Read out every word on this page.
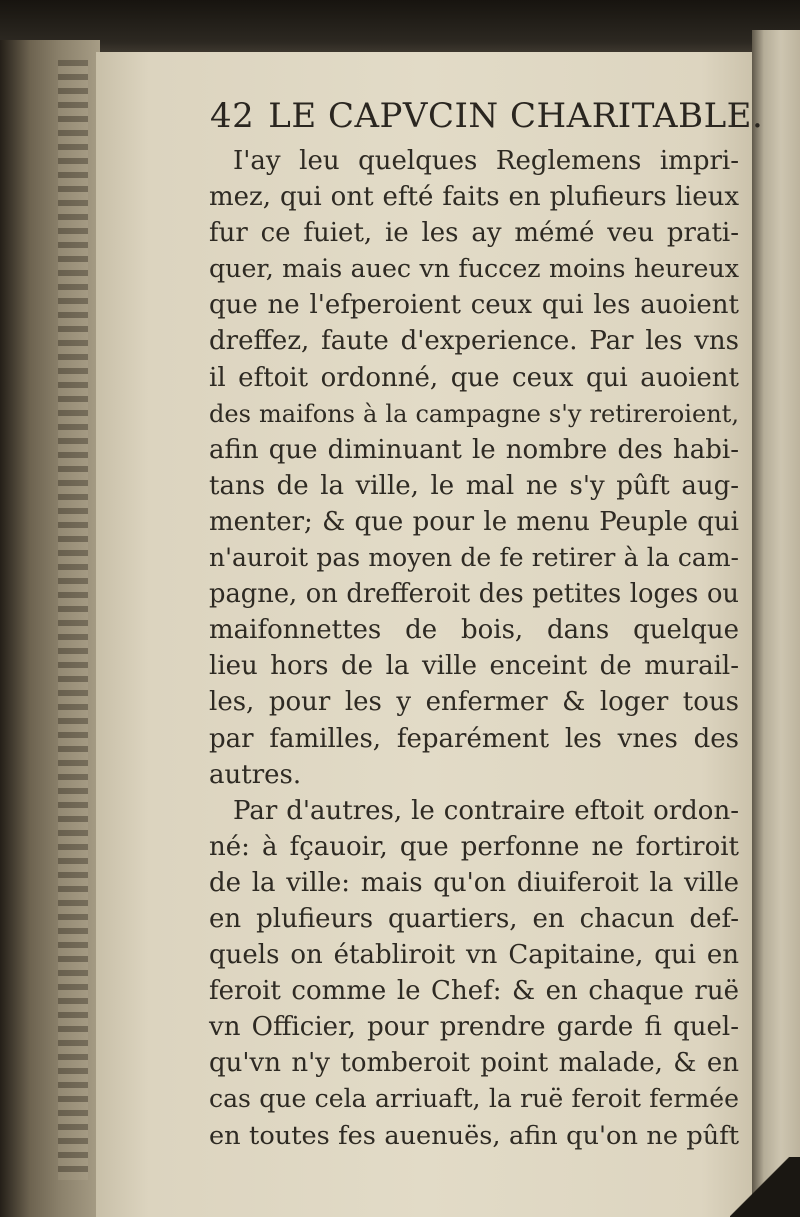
42 LE CAPVCIN CHARITABLE.
I'ay leu quelques Reglemens impri-
mez, qui ont efté faits en plufieurs lieux
fur ce fuiet, ie les ay mémé veu prati-
quer, mais auec vn fuccez moins heureux
que ne l'efperoient ceux qui les auoient
dreffez, faute d'experience. Par les vns
il eftoit ordonné, que ceux qui auoient
des maifons à la campagne s'y retireroient,
afin que diminuant le nombre des habi-
tans de la ville, le mal ne s'y pûft aug-
menter; & que pour le menu Peuple qui
n'auroit pas moyen de fe retirer à la cam-
pagne, on drefferoit des petites loges ou
maifonnettes de bois, dans quelque
lieu hors de la ville enceint de murail-
les, pour les y enfermer & loger tous
par familles, feparément les vnes des
autres.
Par d'autres, le contraire eftoit ordon-
né: à fçauoir, que perfonne ne fortiroit
de la ville: mais qu'on diuiferoit la ville
en plufieurs quartiers, en chacun def-
quels on établiroit vn Capitaine, qui en
feroit comme le Chef: & en chaque ruë
vn Officier, pour prendre garde fi quel-
qu'vn n'y tomberoit point malade, & en
cas que cela arriuaft, la ruë feroit fermée
en toutes fes auenuës, afin qu'on ne pûft
